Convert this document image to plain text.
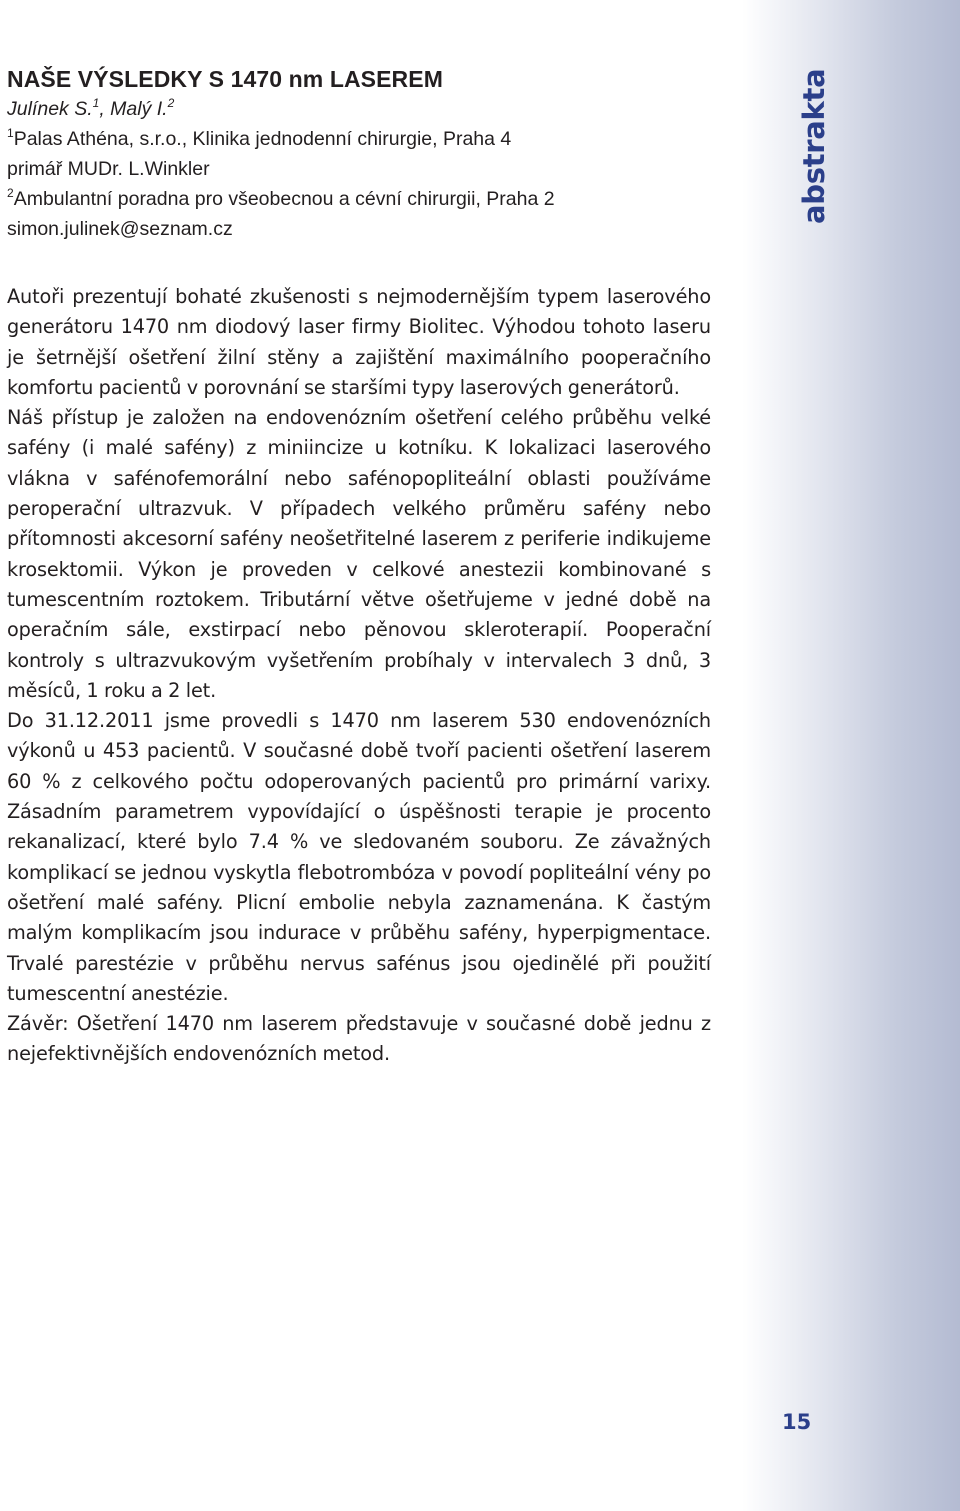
abstrakta

NAŠE VÝSLEDKY S 1470 nm LASEREM

Julínek S.$^1$, Malý I.$^2$

$^1$Palas Athéna, s.r.o., Klinika jednodenní chirurgie, Praha 4

primář MUDr. L.Winkler

$^2$Ambulantní poradna pro všeobecnou a cévní chirurgii, Praha 2

simon.julinek@seznam.cz

Autoři prezentují bohaté zkušenosti s nejmodernějším typem laserového generátoru 1470 nm diodový laser firmy Biolitec. Výhodou tohoto laseru je šetrnější ošetření žilní stěny a zajištění maximálního pooperačního komfortu pacientů v porovnání se staršími typy laserových generátorů.

Náš přístup je založen na endovenózním ošetření celého průběhu velké safény (i malé safény) z miniincize u kotníku. K lokalizaci laserového vlákna v safénofemorální nebo safénopopliteální oblasti používáme peroperační ultrazvuk. V případech velkého průměru safény nebo přítomnosti akcesorní safény neošetřitelné laserem z periferie indikujeme krosektomii. Výkon je proveden v celkové anestezii kombinované s tumescentním roztokem. Tributární větve ošetřujeme v jedné době na operačním sále, exstirpací nebo pěnovou skleroterapií. Pooperační kontroly s ultrazvukovým vyšetřením probíhaly v intervalech 3 dnů, 3 měsíců, 1 roku a 2 let.

Do 31.12.2011 jsme provedli s 1470 nm laserem 530 endovenózních výkonů u 453 pacientů. V současné době tvoří pacienti ošetření laserem 60 % z celkového počtu odoperovaných pacientů pro primární varixy. Zásadním parametrem vypovídající o úspěšnosti terapie je procento rekanalizací, které bylo 7.4 % ve sledovaném souboru. Ze závažných komplikací se jednou vyskytla flebotrombóza v povodí popliteální vény po ošetření malé safény. Plicní embolie nebyla zaznamenána. K častým malým komplikacím jsou indurace v průběhu safény, hyperpigmentace. Trvalé parestézie v průběhu nervus safénus jsou ojedinělé při použití tumescentní anestézie.

Závěr: Ošetření 1470 nm laserem představuje v současné době jednu z nejefektivnějších endovenózních metod.

15
